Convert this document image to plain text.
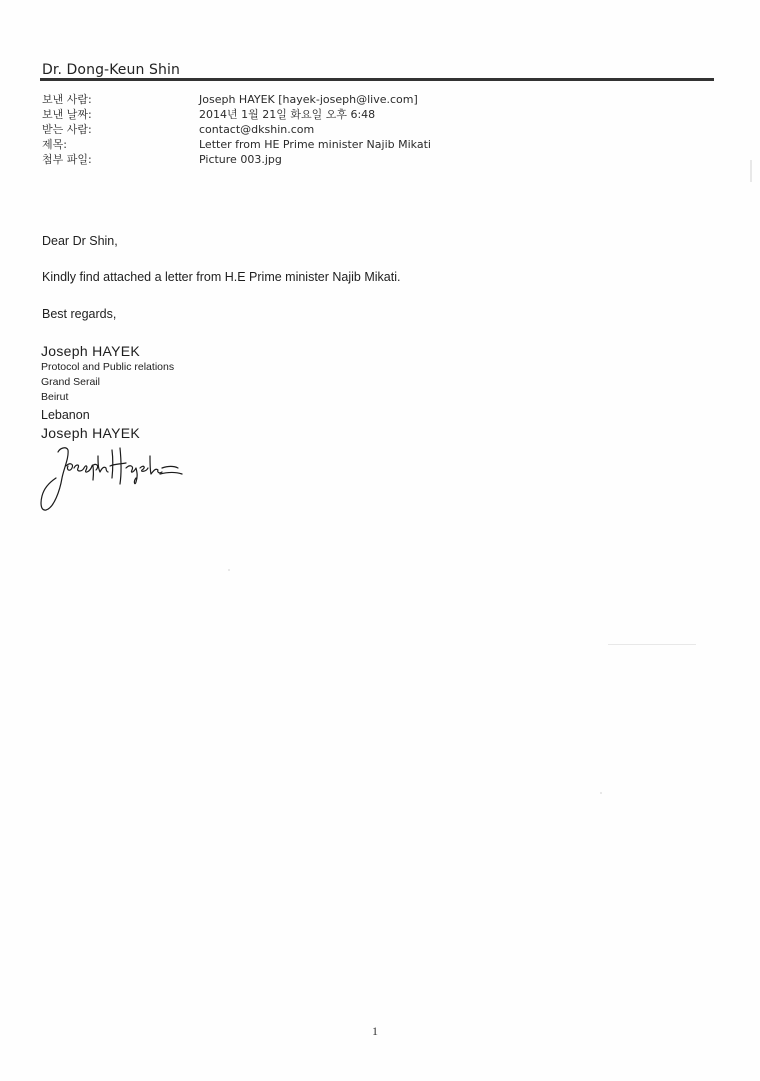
Dr. Dong-Keun Shin
보낸 사람:	Joseph HAYEK [hayek-joseph@live.com]
보낸 날짜:	2014년 1월 21일 화요일 오후 6:48
받는 사람:	contact@dkshin.com
제목:	Letter from HE Prime minister Najib Mikati
첨부 파일:	Picture 003.jpg
Dear Dr Shin,
Kindly find attached a letter from H.E Prime minister Najib Mikati.
Best regards,
Joseph HAYEK
Protocol and Public relations
Grand Serail
Beirut
Lebanon
Joseph HAYEK
1
